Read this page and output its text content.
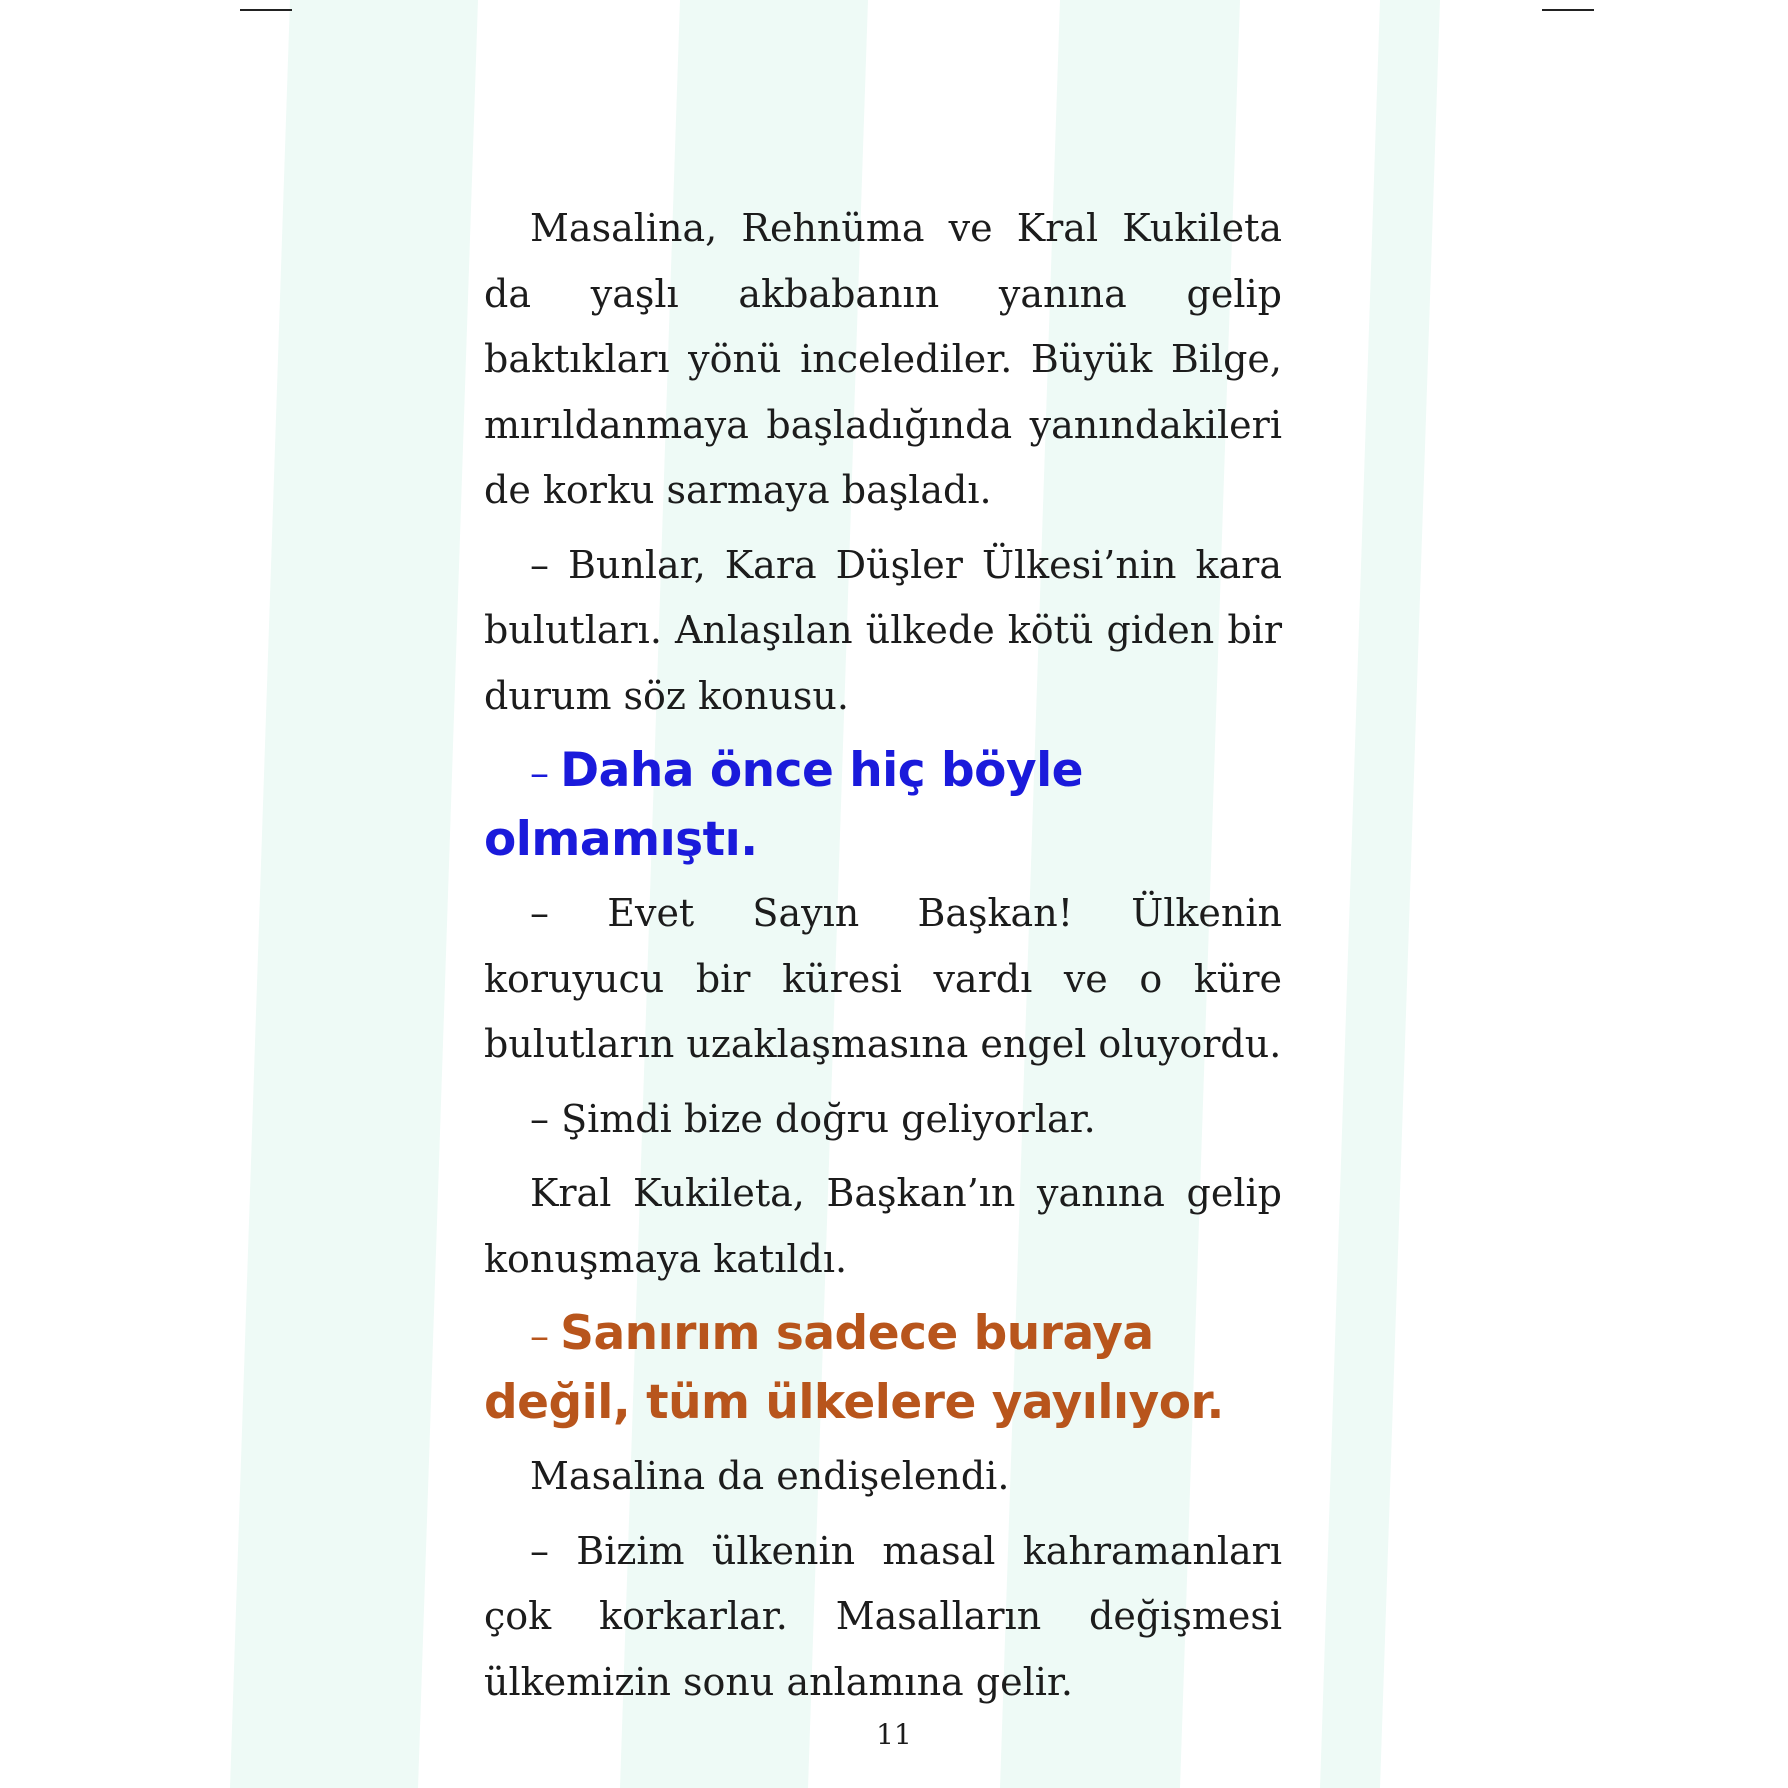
Masalina, Rehnüma ve Kral Kukileta da yaşlı akbabanın yanına gelip baktıkları yönü incelediler. Büyük Bilge, mırıldanmaya başladığında yanındakileri de korku sarmaya başladı.

– Bunlar, Kara Düşler Ülkesi’nin kara bulutları. Anlaşılan ülkede kötü giden bir durum söz konusu.

– Daha önce hiç böyle olmamıştı.

– Evet Sayın Başkan! Ülkenin koruyucu bir küresi vardı ve o küre bulutların uzaklaşmasına engel oluyordu.

– Şimdi bize doğru geliyorlar.

Kral Kukileta, Başkan’ın yanına gelip konuşmaya katıldı.

– Sanırım sadece buraya değil, tüm ülkelere yayılıyor.

Masalina da endişelendi.

– Bizim ülkenin masal kahramanları çok korkarlar. Masalların değişmesi ülkemizin sonu anlamına gelir.

11
